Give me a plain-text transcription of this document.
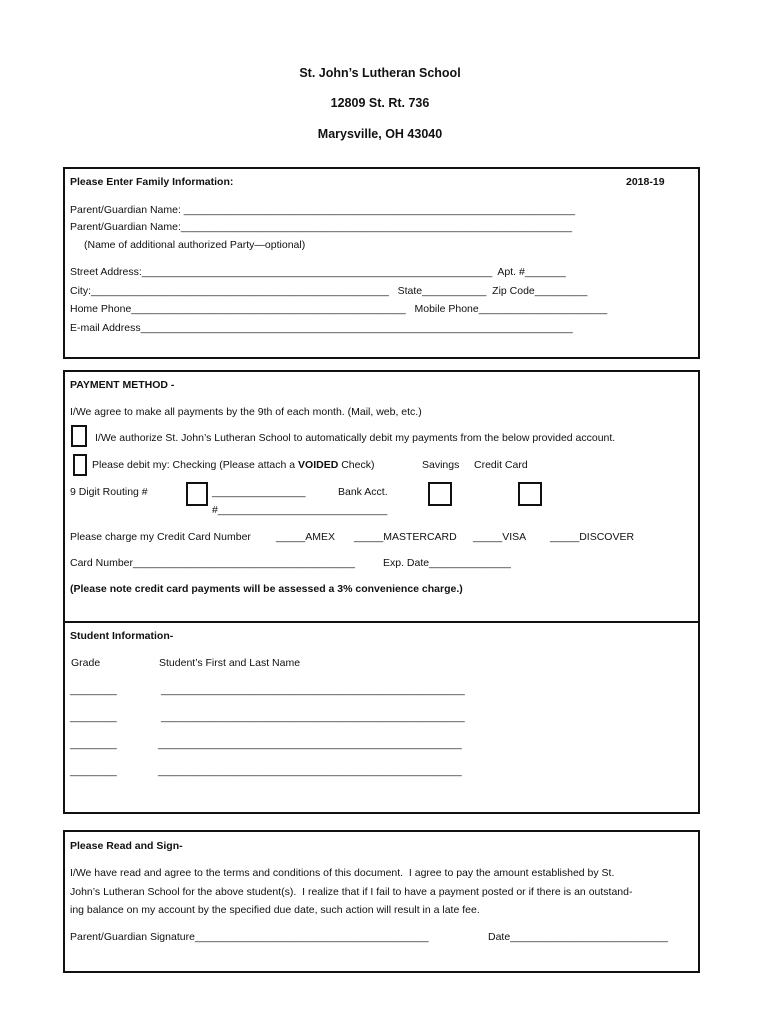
St. John’s Lutheran School
12809 St. Rt. 736
Marysville, OH 43040
Please Enter Family Information:	2018-19
Parent/Guardian Name: ___________________________________________________________________
Parent/Guardian Name:___________________________________________________________________
(Name of additional authorized Party—optional)
Street Address:____________________________________________________________  Apt. #_______
City:___________________________________________________   State___________  Zip Code_________
Home Phone_______________________________________________   Mobile Phone______________________
E-mail Address__________________________________________________________________________
PAYMENT METHOD -
I/We agree to make all payments by the 9th of each month. (Mail, web, etc.)
I/We authorize St. John’s Lutheran School to automatically debit my payments from the below provided account.
Please debit my: Checking (Please attach a VOIDED Check)	Savings Credit Card
9 Digit Routing #	________________	Bank Acct.
#_____________________________
Please charge my Credit Card Number _____AMEX _____MASTERCARD _____VISA _____DISCOVER
Card Number______________________________________	Exp. Date______________
(Please note credit card payments will be assessed a 3% convenience charge.)
Student Information-
Grade	Student’s First and Last Name
________	____________________________________________________
________	____________________________________________________
________	____________________________________________________
________	____________________________________________________
Please Read and Sign-
I/We have read and agree to the terms and conditions of this document.  I agree to pay the amount established by St.
John’s Lutheran School for the above student(s).  I realize that if I fail to have a payment posted or if there is an outstand-
ing balance on my account by the specified due date, such action will result in a late fee.
Parent/Guardian Signature________________________________________	Date___________________________
